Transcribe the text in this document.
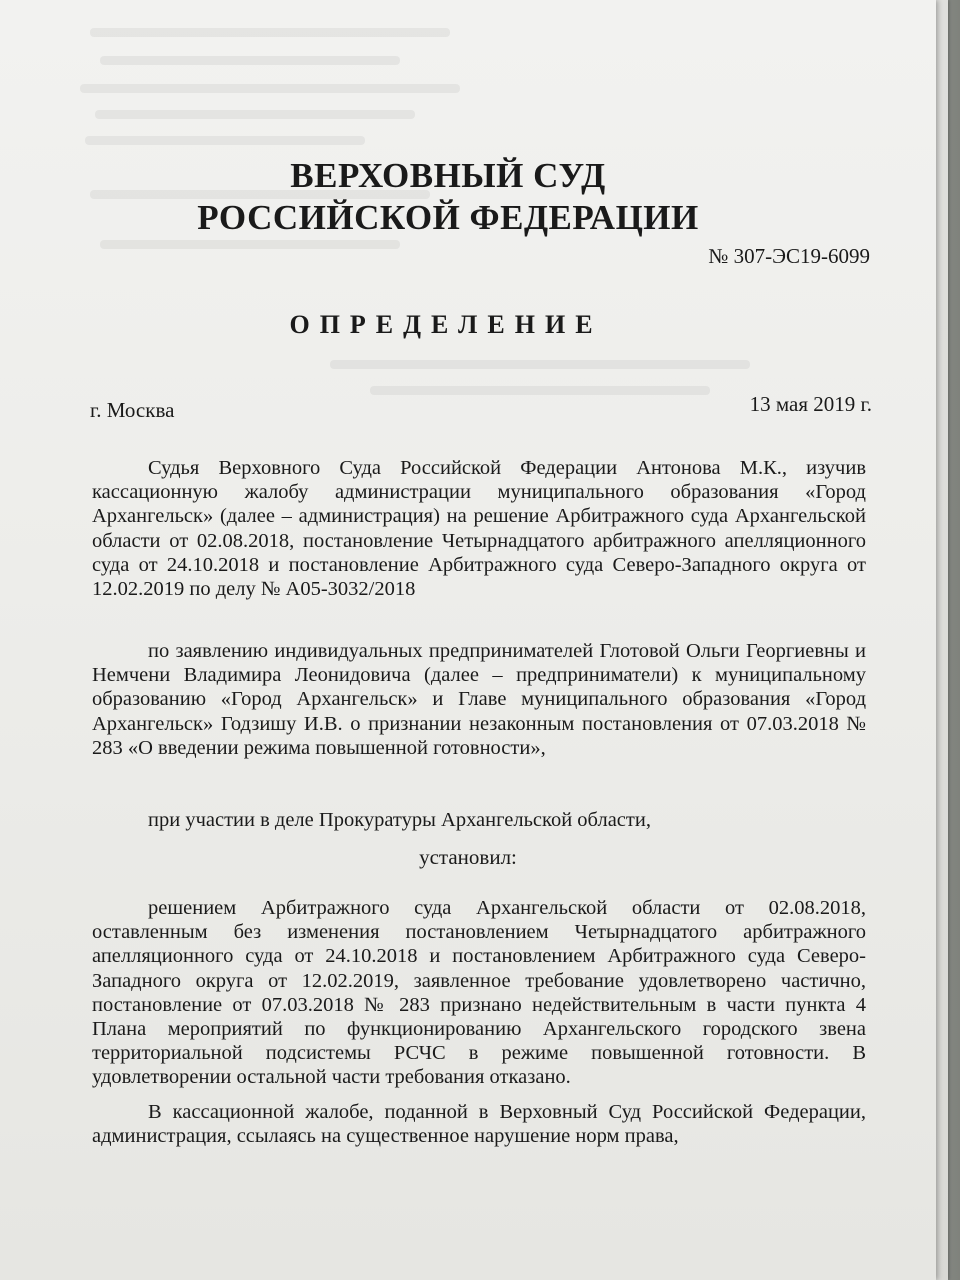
ВЕРХОВНЫЙ СУД
РОССИЙСКОЙ ФЕДЕРАЦИИ

№ 307-ЭС19-6099

ОПРЕДЕЛЕНИЕ

г. Москва	13 мая 2019 г.

Судья Верховного Суда Российской Федерации Антонова М.К., изучив кассационную жалобу администрации муниципального образования «Город Архангельск» (далее – администрация) на решение Арбитражного суда Архангельской области от 02.08.2018, постановление Четырнадцатого арбитражного апелляционного суда от 24.10.2018 и постановление Арбитражного суда Северо-Западного округа от 12.02.2019 по делу № А05-3032/2018

по заявлению индивидуальных предпринимателей Глотовой Ольги Георгиевны и Немчени Владимира Леонидовича (далее – предприниматели) к муниципальному образованию «Город Архангельск» и Главе муниципального образования «Город Архангельск» Годзишу И.В. о признании незаконным постановления от 07.03.2018 № 283 «О введении режима повышенной готовности»,

при участии в деле Прокуратуры Архангельской области,

установил:

решением Арбитражного суда Архангельской области от 02.08.2018, оставленным без изменения постановлением Четырнадцатого арбитражного апелляционного суда от 24.10.2018 и постановлением Арбитражного суда Северо-Западного округа от 12.02.2019, заявленное требование удовлетворено частично, постановление от 07.03.2018 № 283 признано недействительным в части пункта 4 Плана мероприятий по функционированию Архангельского городского звена территориальной подсистемы РСЧС в режиме повышенной готовности. В удовлетворении остальной части требования отказано.

В кассационной жалобе, поданной в Верховный Суд Российской Федерации, администрация, ссылаясь на существенное нарушение норм права,
